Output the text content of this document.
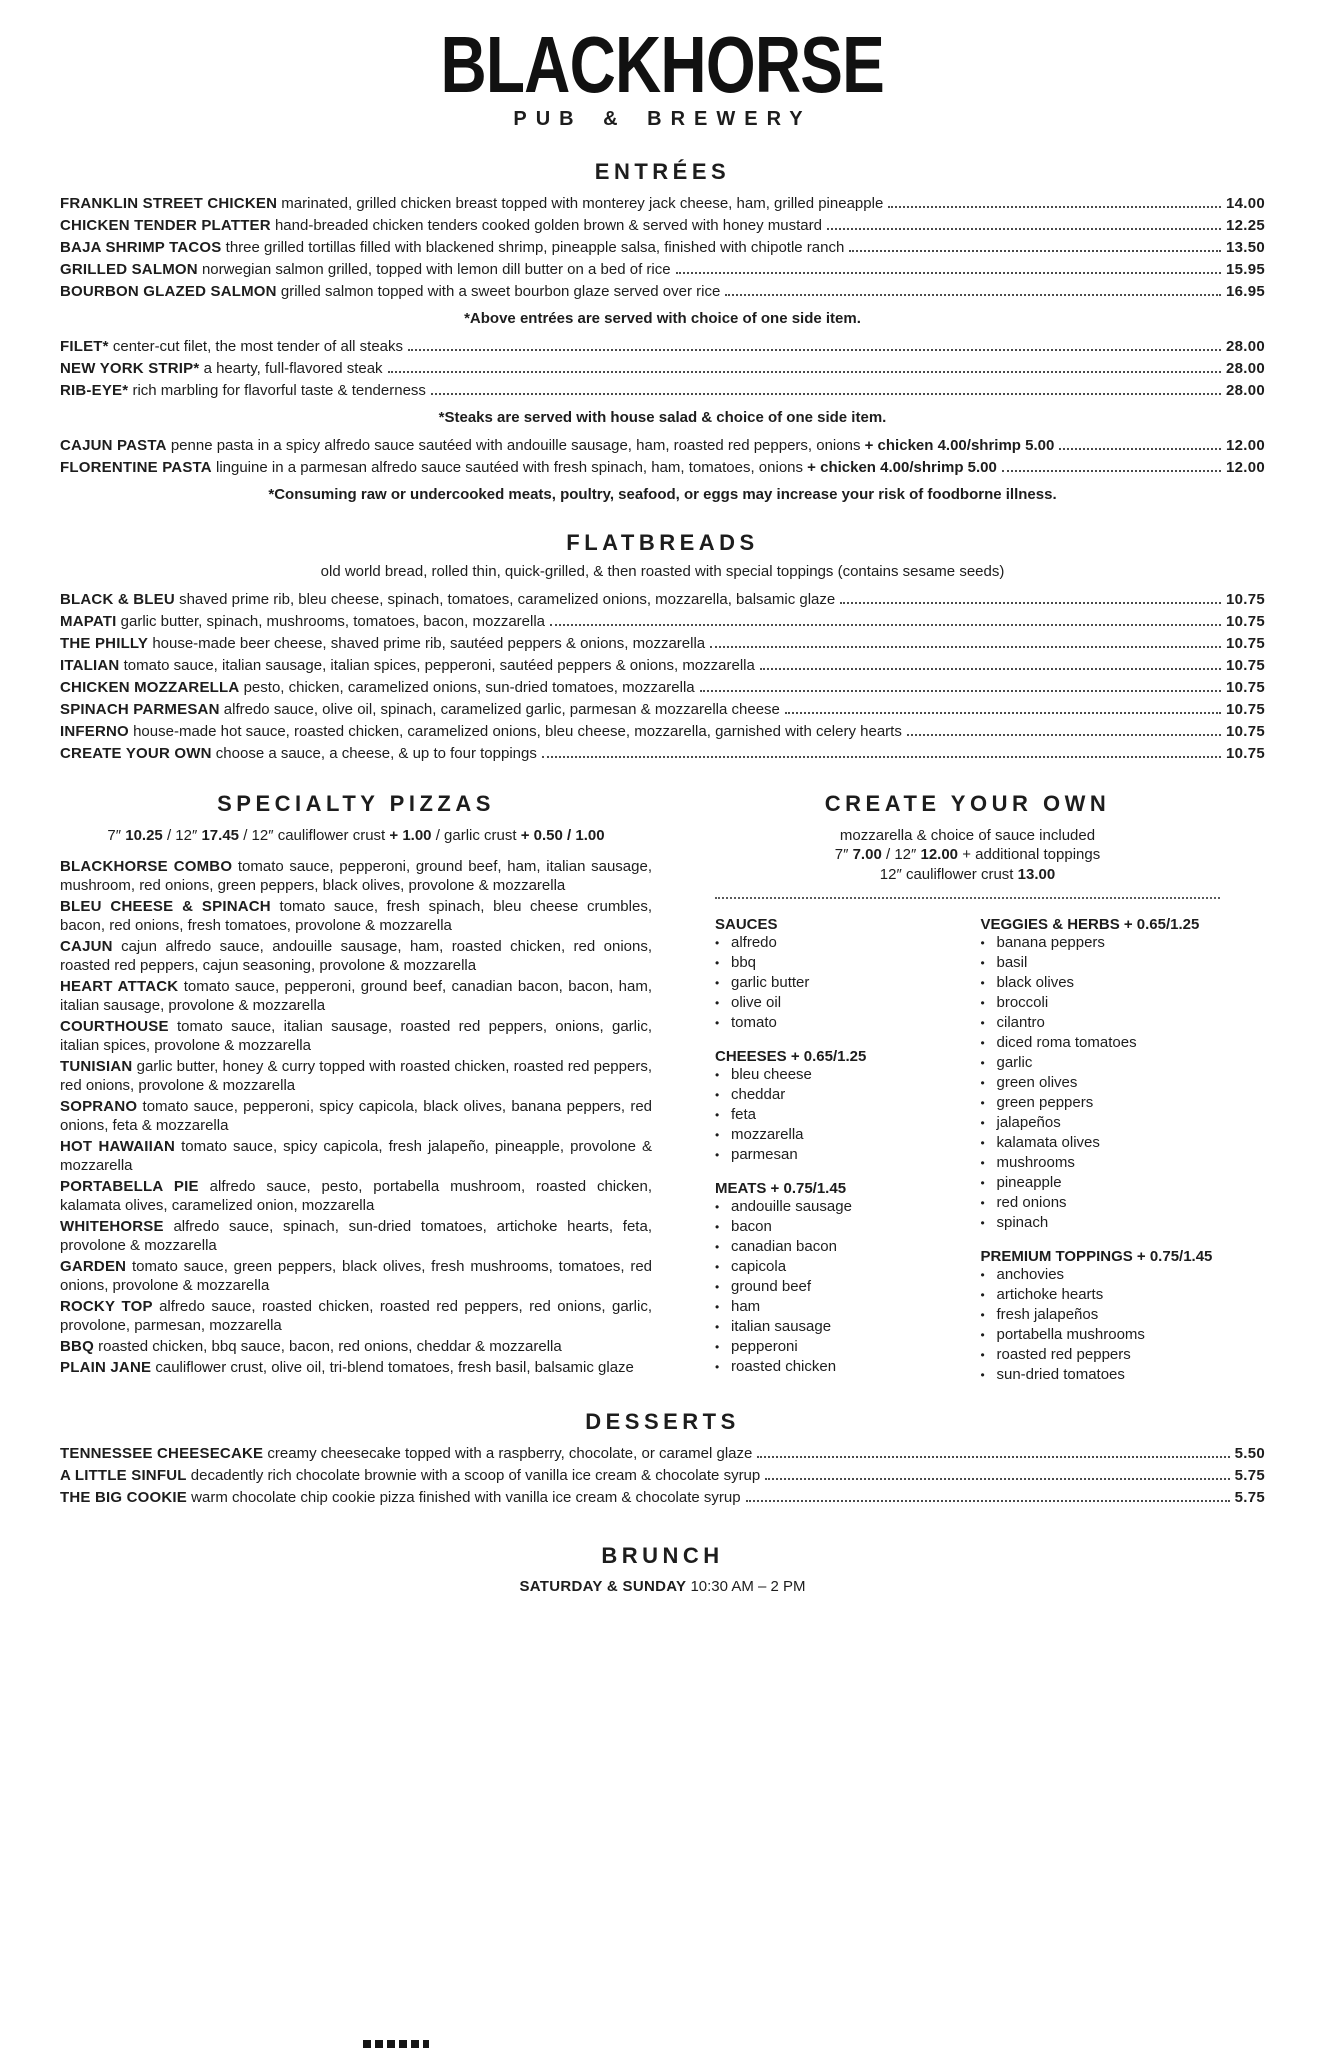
BLACKHORSE
PUB & BREWERY
ENTRÉES
FRANKLIN STREET CHICKEN marinated, grilled chicken breast topped with monterey jack cheese, ham, grilled pineapple	14.00
CHICKEN TENDER PLATTER hand-breaded chicken tenders cooked golden brown & served with honey mustard	12.25
BAJA SHRIMP TACOS three grilled tortillas filled with blackened shrimp, pineapple salsa, finished with chipotle ranch	13.50
GRILLED SALMON norwegian salmon grilled, topped with lemon dill butter on a bed of rice	15.95
BOURBON GLAZED SALMON grilled salmon topped with a sweet bourbon glaze served over rice	16.95

*Above entrées are served with choice of one side item.

FILET* center-cut filet, the most tender of all steaks	28.00
NEW YORK STRIP* a hearty, full-flavored steak	28.00
RIB-EYE* rich marbling for flavorful taste & tenderness	28.00

*Steaks are served with house salad & choice of one side item.

CAJUN PASTA penne pasta in a spicy alfredo sauce sautéed with andouille sausage, ham, roasted red peppers, onions + chicken 4.00/shrimp 5.00	12.00
FLORENTINE PASTA linguine in a parmesan alfredo sauce sautéed with fresh spinach, ham, tomatoes, onions + chicken 4.00/shrimp 5.00	12.00

*Consuming raw or undercooked meats, poultry, seafood, or eggs may increase your risk of foodborne illness.

FLATBREADS

old world bread, rolled thin, quick-grilled, & then roasted with special toppings (contains sesame seeds)

BLACK & BLEU shaved prime rib, bleu cheese, spinach, tomatoes, caramelized onions, mozzarella, balsamic glaze	10.75
MAPATI garlic butter, spinach, mushrooms, tomatoes, bacon, mozzarella	10.75
THE PHILLY house-made beer cheese, shaved prime rib, sautéed peppers & onions, mozzarella	10.75
ITALIAN tomato sauce, italian sausage, italian spices, pepperoni, sautéed peppers & onions, mozzarella	10.75
CHICKEN MOZZARELLA pesto, chicken, caramelized onions, sun-dried tomatoes, mozzarella	10.75
SPINACH PARMESAN alfredo sauce, olive oil, spinach, caramelized garlic, parmesan & mozzarella cheese	10.75
INFERNO house-made hot sauce, roasted chicken, caramelized onions, bleu cheese, mozzarella, garnished with celery hearts	10.75
CREATE YOUR OWN choose a sauce, a cheese, & up to four toppings	10.75
SPECIALTY PIZZAS

7″ 10.25 / 12″ 17.45 / 12″ cauliflower crust + 1.00 / garlic crust + 0.50 / 1.00

BLACKHORSE COMBO tomato sauce, pepperoni, ground beef, ham, italian sausage, mushroom, red onions, green peppers, black olives, provolone & mozzarella

BLEU CHEESE & SPINACH tomato sauce, fresh spinach, bleu cheese crumbles, bacon, red onions, fresh tomatoes, provolone & mozzarella

CAJUN cajun alfredo sauce, andouille sausage, ham, roasted chicken, red onions, roasted red peppers, cajun seasoning, provolone & mozzarella

HEART ATTACK tomato sauce, pepperoni, ground beef, canadian bacon, bacon, ham, italian sausage, provolone & mozzarella

COURTHOUSE tomato sauce, italian sausage, roasted red peppers, onions, garlic, italian spices, provolone & mozzarella

TUNISIAN garlic butter, honey & curry topped with roasted chicken, roasted red peppers, red onions, provolone & mozzarella

SOPRANO tomato sauce, pepperoni, spicy capicola, black olives, banana peppers, red onions, feta & mozzarella

HOT HAWAIIAN tomato sauce, spicy capicola, fresh jalapeño, pineapple, provolone & mozzarella

PORTABELLA PIE alfredo sauce, pesto, portabella mushroom, roasted chicken, kalamata olives, caramelized onion, mozzarella

WHITEHORSE alfredo sauce, spinach, sun-dried tomatoes, artichoke hearts, feta, provolone & mozzarella

GARDEN tomato sauce, green peppers, black olives, fresh mushrooms, tomatoes, red onions, provolone & mozzarella

ROCKY TOP alfredo sauce, roasted chicken, roasted red peppers, red onions, garlic, provolone, parmesan, mozzarella

BBQ roasted chicken, bbq sauce, bacon, red onions, cheddar & mozzarella

PLAIN JANE cauliflower crust, olive oil, tri-blend tomatoes, fresh basil, balsamic glaze

CREATE YOUR OWN

mozzarella & choice of sauce included

7″ 7.00 / 12″ 12.00 + additional toppings

12″ cauliflower crust 13.00

SAUCES
•
alfredo
•
bbq
•
garlic butter
•
olive oil
•
tomato
CHEESES + 0.65/1.25
•
bleu cheese
•
cheddar
•
feta
•
mozzarella
•
parmesan
MEATS + 0.75/1.45
•
andouille sausage
•
bacon
•
canadian bacon
•
capicola
•
ground beef
•
ham
•
italian sausage
•
pepperoni
•
roasted chicken
VEGGIES & HERBS + 0.65/1.25
•
banana peppers
•
basil
•
black olives
•
broccoli
•
cilantro
•
diced roma tomatoes
•
garlic
•
green olives
•
green peppers
•
jalapeños
•
kalamata olives
•
mushrooms
•
pineapple
•
red onions
•
spinach
PREMIUM TOPPINGS + 0.75/1.45
•
anchovies
•
artichoke hearts
•
fresh jalapeños
•
portabella mushrooms
•
roasted red peppers
•
sun-dried tomatoes
DESSERTS
TENNESSEE CHEESECAKE creamy cheesecake topped with a raspberry, chocolate, or caramel glaze	5.50
A LITTLE SINFUL decadently rich chocolate brownie with a scoop of vanilla ice cream & chocolate syrup	5.75
THE BIG COOKIE warm chocolate chip cookie pizza finished with vanilla ice cream & chocolate syrup	5.75
BRUNCH

SATURDAY & SUNDAY 10:30 AM – 2 PM
